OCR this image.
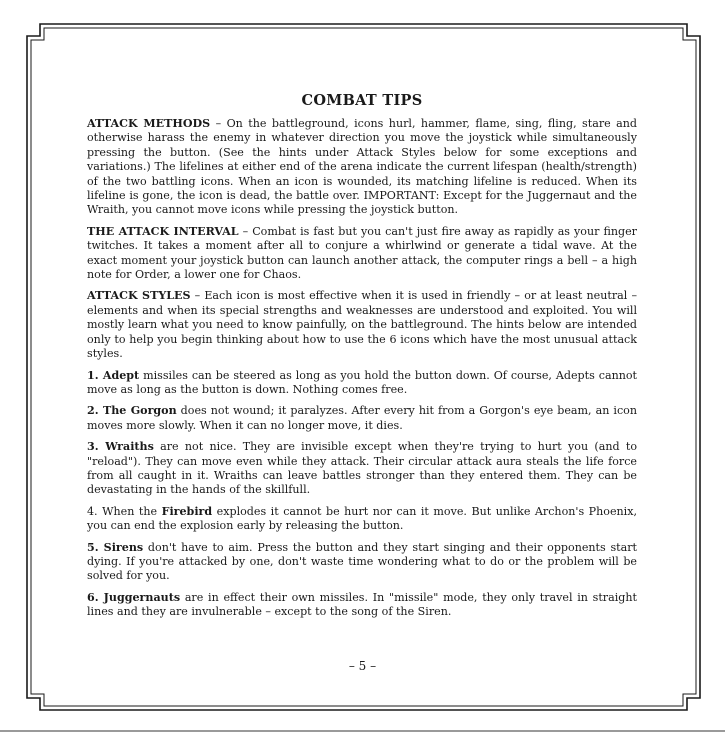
COMBAT TIPS

ATTACK METHODS – On the battleground, icons hurl, hammer, flame, sing, fling, stare and otherwise harass the enemy in whatever direction you move the joystick while simultaneously pressing the button. (See the hints under Attack Styles below for some exceptions and variations.) The lifelines at either end of the arena indicate the current lifespan (health/strength) of the two battling icons. When an icon is wounded, its matching lifeline is reduced. When its lifeline is gone, the icon is dead, the battle over. IMPORTANT: Except for the Juggernaut and the Wraith, you cannot move icons while pressing the joystick button.

THE ATTACK INTERVAL – Combat is fast but you can't just fire away as rapidly as your finger twitches. It takes a moment after all to conjure a whirlwind or generate a tidal wave. At the exact moment your joystick button can launch another attack, the computer rings a bell – a high note for Order, a lower one for Chaos.

ATTACK STYLES – Each icon is most effective when it is used in friendly – or at least neutral – elements and when its special strengths and weaknesses are understood and exploited. You will mostly learn what you need to know painfully, on the battleground. The hints below are intended only to help you begin thinking about how to use the 6 icons which have the most unusual attack styles.

1. Adept missiles can be steered as long as you hold the button down. Of course, Adepts cannot move as long as the button is down. Nothing comes free.

2. The Gorgon does not wound; it paralyzes. After every hit from a Gorgon's eye beam, an icon moves more slowly. When it can no longer move, it dies.

3. Wraiths are not nice. They are invisible except when they're trying to hurt you (and to "reload"). They can move even while they attack. Their circular attack aura steals the life force from all caught in it. Wraiths can leave battles stronger than they entered them. They can be devastating in the hands of the skillfull.

4. When the Firebird explodes it cannot be hurt nor can it move. But unlike Archon's Phoenix, you can end the explosion early by releasing the button.

5. Sirens don't have to aim. Press the button and they start singing and their opponents start dying. If you're attacked by one, don't waste time wondering what to do or the problem will be solved for you.

6. Juggernauts are in effect their own missiles. In "missile" mode, they only travel in straight lines and they are invulnerable – except to the song of the Siren.

– 5 –
